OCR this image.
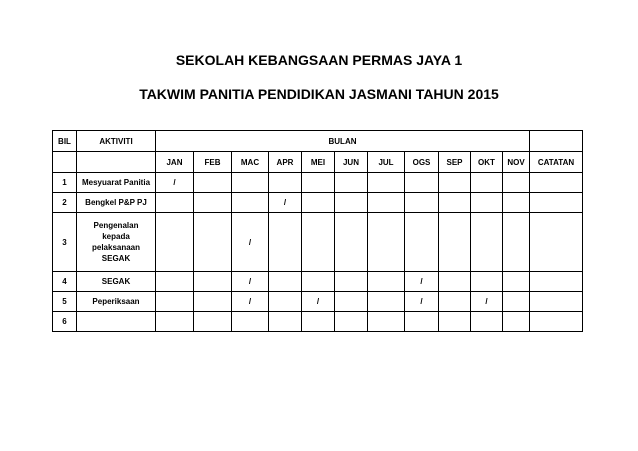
SEKOLAH KEBANGSAAN PERMAS JAYA 1
TAKWIM PANITIA PENDIDIKAN JASMANI TAHUN 2015
BIL	AKTIVITI	BULAN											
		JAN	FEB	MAC	APR	MEI	JUN	JUL	OGS	SEP	OKT	NOV	CATATAN
1	Mesyuarat Panitia	/											
2	Bengkel P&P PJ				/								
3	Pengenalan kepada pelaksanaan SEGAK			/									
4	SEGAK			/					/				
5	Peperiksaan			/		/			/		/		
6													
